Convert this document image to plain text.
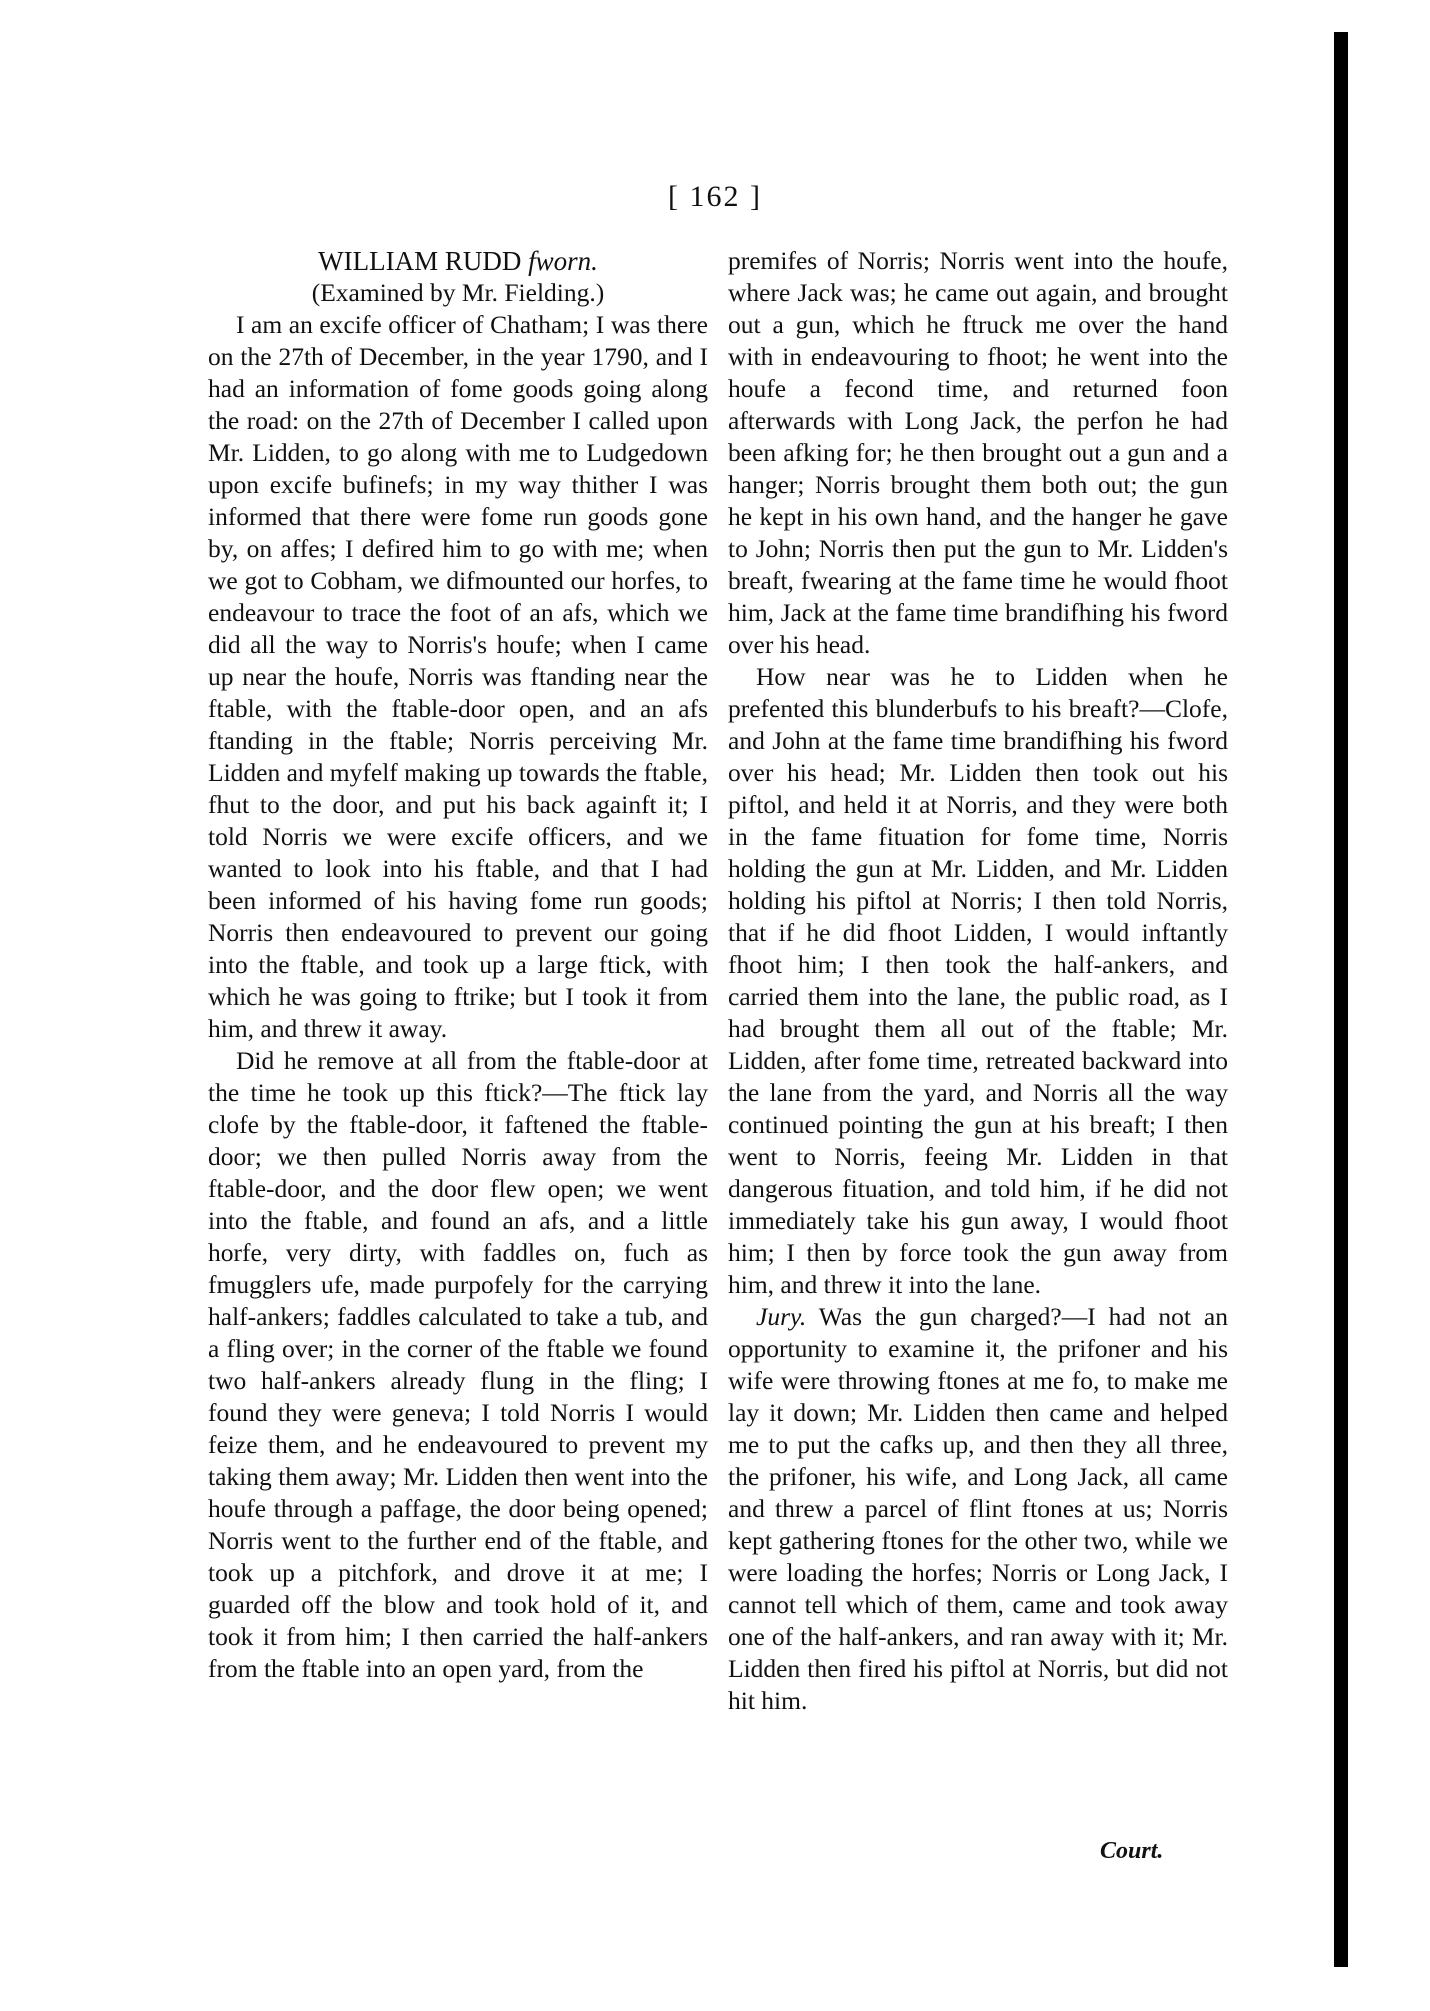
[ 162 ]

WILLIAM RUDD fworn.

(Examined by Mr. Fielding.)

I am an excife officer of Chatham; I was there on the 27th of December, in the year 1790, and I had an information of fome goods going along the road: on the 27th of December I called upon Mr. Lidden, to go along with me to Ludgedown upon excife bufinefs; in my way thither I was informed that there were fome run goods gone by, on affes; I defired him to go with me; when we got to Cobham, we difmounted our horfes, to endeavour to trace the foot of an afs, which we did all the way to Norris's houfe; when I came up near the houfe, Norris was ftanding near the ftable, with the ftable-door open, and an afs ftanding in the ftable; Norris perceiving Mr. Lidden and myfelf making up towards the ftable, fhut to the door, and put his back againft it; I told Norris we were excife officers, and we wanted to look into his ftable, and that I had been informed of his having fome run goods; Norris then endeavoured to prevent our going into the ftable, and took up a large ftick, with which he was going to ftrike; but I took it from him, and threw it away.

Did he remove at all from the ftable-door at the time he took up this ftick?—The ftick lay clofe by the ftable-door, it faftened the ftable-door; we then pulled Norris away from the ftable-door, and the door flew open; we went into the ftable, and found an afs, and a little horfe, very dirty, with faddles on, fuch as fmugglers ufe, made purpofely for the carrying half-ankers; faddles calculated to take a tub, and a fling over; in the corner of the ftable we found two half-ankers already flung in the fling; I found they were geneva; I told Norris I would feize them, and he endeavoured to prevent my taking them away; Mr. Lidden then went into the houfe through a paffage, the door being opened; Norris went to the further end of the ftable, and took up a pitchfork, and drove it at me; I guarded off the blow and took hold of it, and took it from him; I then carried the half-ankers from the ftable into an open yard, from the

premifes of Norris; Norris went into the houfe, where Jack was; he came out again, and brought out a gun, which he ftruck me over the hand with in endeavouring to fhoot; he went into the houfe a fecond time, and returned foon afterwards with Long Jack, the perfon he had been afking for; he then brought out a gun and a hanger; Norris brought them both out; the gun he kept in his own hand, and the hanger he gave to John; Norris then put the gun to Mr. Lidden's breaft, fwearing at the fame time he would fhoot him, Jack at the fame time brandifhing his fword over his head.

How near was he to Lidden when he prefented this blunderbufs to his breaft?—Clofe, and John at the fame time brandifhing his fword over his head; Mr. Lidden then took out his piftol, and held it at Norris, and they were both in the fame fituation for fome time, Norris holding the gun at Mr. Lidden, and Mr. Lidden holding his piftol at Norris; I then told Norris, that if he did fhoot Lidden, I would inftantly fhoot him; I then took the half-ankers, and carried them into the lane, the public road, as I had brought them all out of the ftable; Mr. Lidden, after fome time, retreated backward into the lane from the yard, and Norris all the way continued pointing the gun at his breaft; I then went to Norris, feeing Mr. Lidden in that dangerous fituation, and told him, if he did not immediately take his gun away, I would fhoot him; I then by force took the gun away from him, and threw it into the lane.

Jury. Was the gun charged?—I had not an opportunity to examine it, the prifoner and his wife were throwing ftones at me fo, to make me lay it down; Mr. Lidden then came and helped me to put the cafks up, and then they all three, the prifoner, his wife, and Long Jack, all came and threw a parcel of flint ftones at us; Norris kept gathering ftones for the other two, while we were loading the horfes; Norris or Long Jack, I cannot tell which of them, came and took away one of the half-ankers, and ran away with it; Mr. Lidden then fired his piftol at Norris, but did not hit him.

Court.
